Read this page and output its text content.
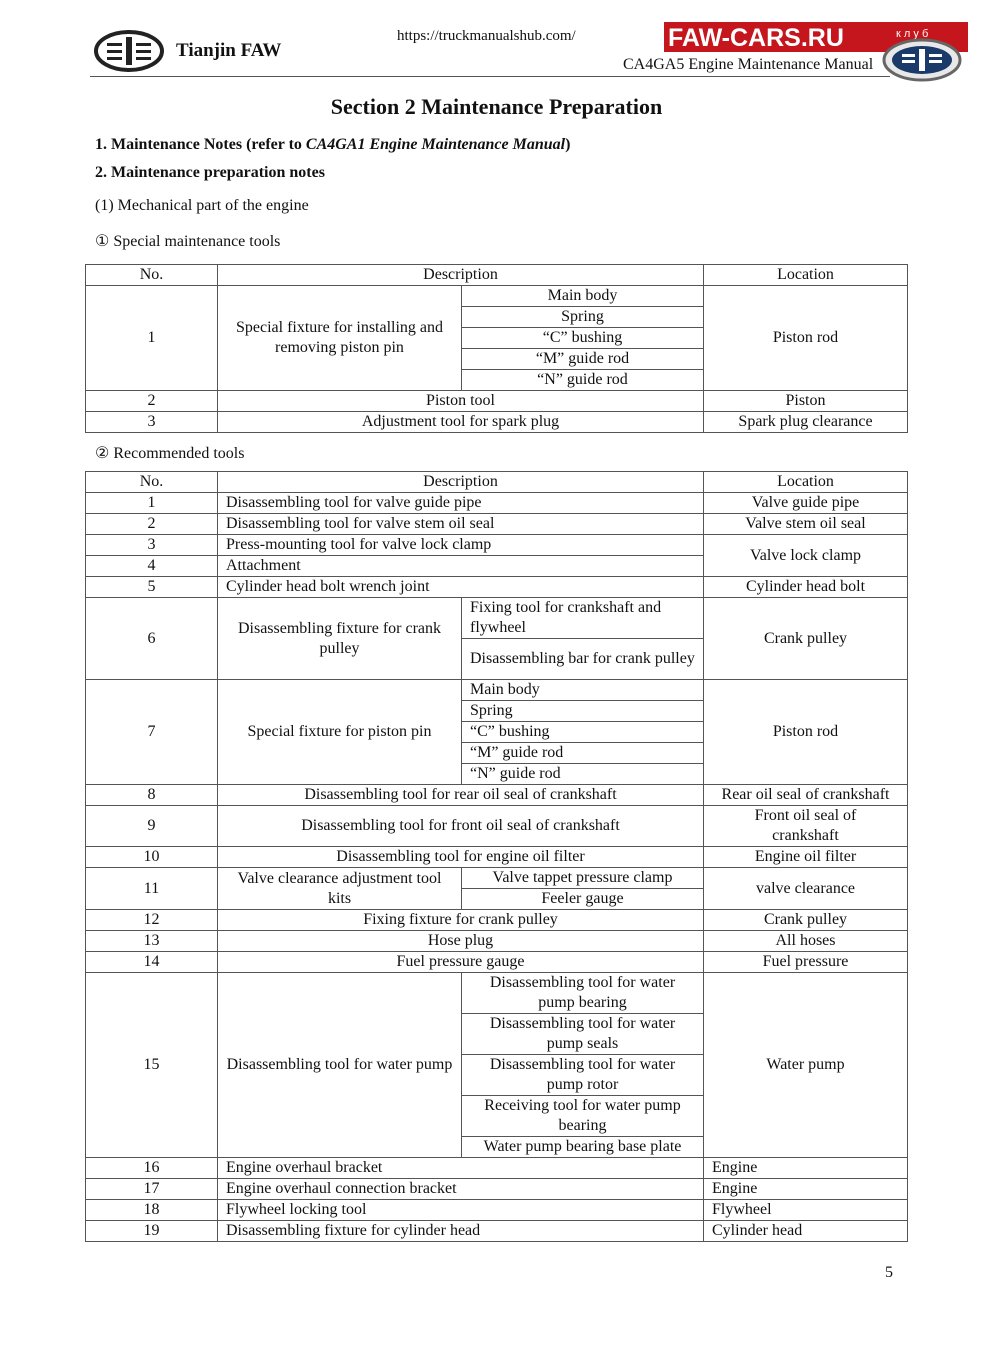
Tianjin FAW
https://truckmanualshub.com/
CA4GA5 Engine Maintenance Manual
FAW-CARS.RU	клуб
Section 2 Maintenance Preparation
1. Maintenance Notes (refer to CA4GA1 Engine Maintenance Manual)
2. Maintenance preparation notes
(1) Mechanical part of the engine
① Special maintenance tools
No.	Description		Location
1	Special fixture for installing and removing piston pin	Main body	Piston rod
		Spring	
		“C” bushing	
		“M” guide rod	
		“N” guide rod	
2	Piston tool		Piston
3	Adjustment tool for spark plug		Spark plug clearance
② Recommended tools
No.	Description		Location
1	Disassembling tool for valve guide pipe		Valve guide pipe
2	Disassembling tool for valve stem oil seal		Valve stem oil seal
3	Press-mounting tool for valve lock clamp		Valve lock clamp
4	Attachment		
5	Cylinder head bolt wrench joint		Cylinder head bolt
6	Disassembling fixture for crank pulley	Fixing tool for crankshaft and flywheel	Crank pulley
		Disassembling bar for crank pulley	
7	Special fixture for piston pin	Main body	Piston rod
		Spring	
		“C” bushing	
		“M” guide rod	
		“N” guide rod	
8	Disassembling tool for rear oil seal of crankshaft		Rear oil seal of crankshaft
9	Disassembling tool for front oil seal of crankshaft		Front oil seal of crankshaft
10	Disassembling tool for engine oil filter		Engine oil filter
11	Valve clearance adjustment tool kits	Valve tappet pressure clamp	valve clearance
		Feeler gauge	
12	Fixing fixture for crank pulley		Crank pulley
13	Hose plug		All hoses
14	Fuel pressure gauge		Fuel pressure
15	Disassembling tool for water pump	Disassembling tool for water pump bearing	Water pump
		Disassembling tool for water pump seals	
		Disassembling tool for water pump rotor	
		Receiving tool for water pump bearing	
		Water pump bearing base plate	
16	Engine overhaul bracket		Engine
17	Engine overhaul connection bracket		Engine
18	Flywheel locking tool		Flywheel
19	Disassembling fixture for cylinder head		Cylinder head
5
